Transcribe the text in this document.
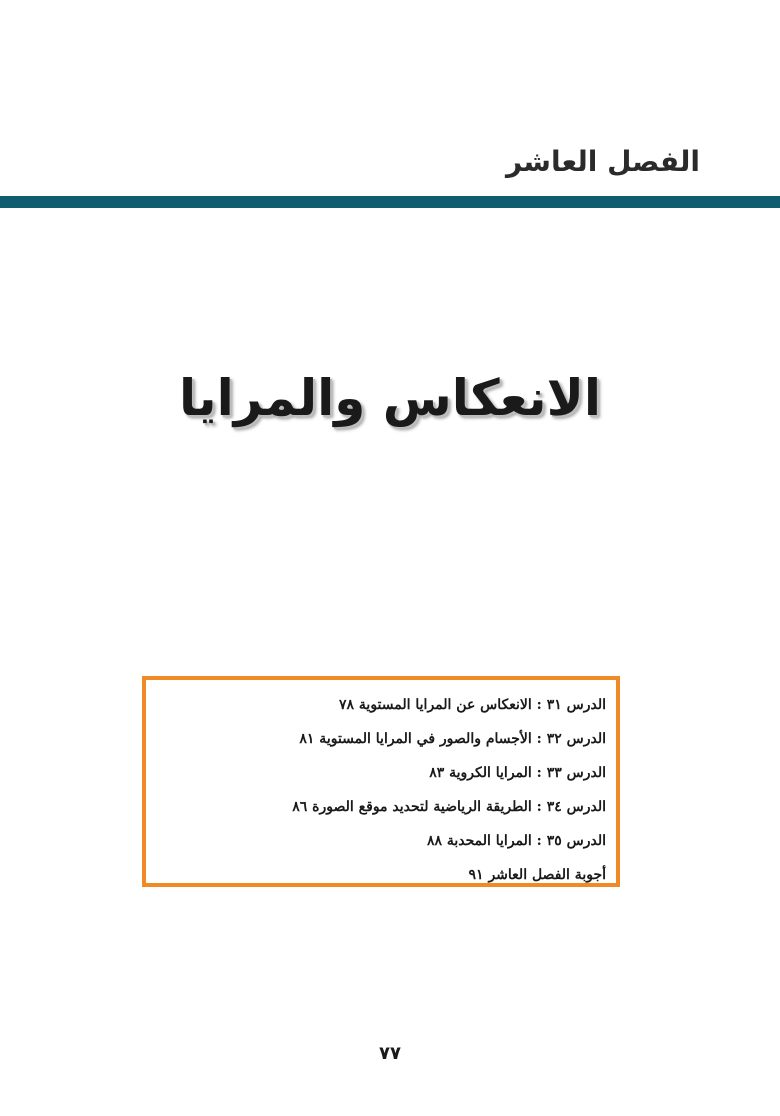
الفصل العاشر
الانعكاس والمرايا
الدرس ٣١ : الانعكاس عن المرايا المستوية ٧٨
الدرس ٣٢ : الأجسام والصور في المرايا المستوية ٨١
الدرس ٣٣ : المرايا الكروية ٨٣
الدرس ٣٤ : الطريقة الرياضية لتحديد موقع الصورة ٨٦
الدرس ٣٥ : المرايا المحدبة ٨٨
أجوبة الفصل العاشر ٩١
٧٧
